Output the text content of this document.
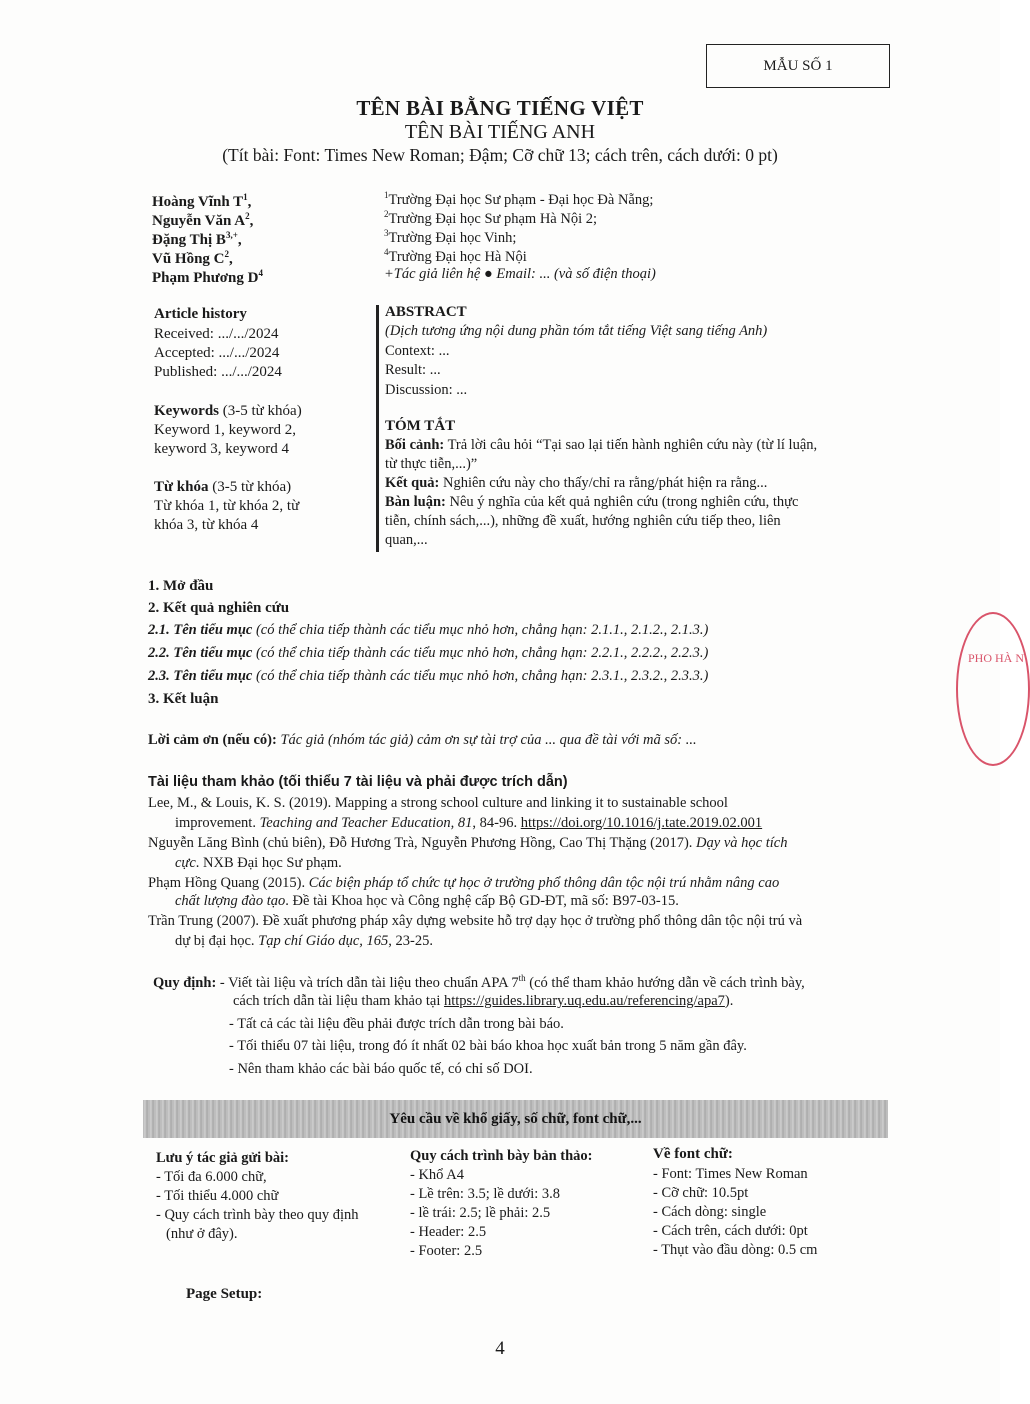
MẪU SỐ 1
TÊN BÀI BẰNG TIẾNG VIỆT
TÊN BÀI TIẾNG ANH
(Tít bài: Font: Times New Roman; Đậm; Cỡ chữ 13; cách trên, cách dưới: 0 pt)
Hoàng Vĩnh $T^1$,
Nguyễn Văn $A^2$,
Đặng Thị $B^{3,+}$,
Vũ Hồng $C^2$,
Phạm Phương $D^4$
$^1$Trường Đại học Sư phạm - Đại học Đà Nẵng;
$^2$Trường Đại học Sư phạm Hà Nội 2;
$^3$Trường Đại học Vinh;
$^4$Trường Đại học Hà Nội
+Tác giả liên hệ ● Email: ... (và số điện thoại)
Article history
Received: .../.../2024
Accepted: .../.../2024
Published: .../.../2024
Keywords (3-5 từ khóa)
Keyword 1, keyword 2,
keyword 3, keyword 4
Từ khóa (3-5 từ khóa)
Từ khóa 1, từ khóa 2, từ
khóa 3, từ khóa 4
ABSTRACT
(Dịch tương ứng nội dung phần tóm tắt tiếng Việt sang tiếng Anh)
Context: ...
Result: ...
Discussion: ...
TÓM TẮT
Bối cảnh: Trả lời câu hỏi “Tại sao lại tiến hành nghiên cứu này (từ lí luận,
từ thực tiễn,...)”
Kết quả: Nghiên cứu này cho thấy/chỉ ra rằng/phát hiện ra rằng...
Bàn luận: Nêu ý nghĩa của kết quả nghiên cứu (trong nghiên cứu, thực
tiễn, chính sách,...), những đề xuất, hướng nghiên cứu tiếp theo, liên
quan,...
1. Mở đầu
2. Kết quả nghiên cứu
2.1. Tên tiểu mục (có thể chia tiếp thành các tiểu mục nhỏ hơn, chẳng hạn: 2.1.1., 2.1.2., 2.1.3.)
2.2. Tên tiểu mục (có thể chia tiếp thành các tiểu mục nhỏ hơn, chẳng hạn: 2.2.1., 2.2.2., 2.2.3.)
2.3. Tên tiểu mục (có thể chia tiếp thành các tiểu mục nhỏ hơn, chẳng hạn: 2.3.1., 2.3.2., 2.3.3.)
3. Kết luận
Lời cảm ơn (nếu có): Tác giả (nhóm tác giả) cảm ơn sự tài trợ của ... qua đề tài với mã số: ...
Tài liệu tham khảo (tối thiểu 7 tài liệu và phải được trích dẫn)
Lee, M., & Louis, K. S. (2019). Mapping a strong school culture and linking it to sustainable school
improvement. Teaching and Teacher Education, 81, 84-96. https://doi.org/10.1016/j.tate.2019.02.001
Nguyễn Lăng Bình (chủ biên), Đỗ Hương Trà, Nguyễn Phương Hồng, Cao Thị Thặng (2017). Dạy và học tích
cực. NXB Đại học Sư phạm.
Phạm Hồng Quang (2015). Các biện pháp tổ chức tự học ở trường phổ thông dân tộc nội trú nhằm nâng cao
chất lượng đào tạo. Đề tài Khoa học và Công nghệ cấp Bộ GD-ĐT, mã số: B97-03-15.
Trần Trung (2007). Đề xuất phương pháp xây dựng website hỗ trợ dạy học ở trường phổ thông dân tộc nội trú và
dự bị đại học. Tạp chí Giáo dục, 165, 23-25.
Quy định: - Viết tài liệu và trích dẫn tài liệu theo chuẩn APA 7th (có thể tham khảo hướng dẫn về cách trình bày,
cách trích dẫn tài liệu tham khảo tại https://guides.library.uq.edu.au/referencing/apa7).
- Tất cả các tài liệu đều phải được trích dẫn trong bài báo.
- Tối thiểu 07 tài liệu, trong đó ít nhất 02 bài báo khoa học xuất bản trong 5 năm gần đây.
- Nên tham khảo các bài báo quốc tế, có chỉ số DOI.
Yêu cầu về khổ giấy, số chữ, font chữ,...
Lưu ý tác giả gửi bài:
- Tối đa 6.000 chữ,
- Tối thiểu 4.000 chữ
- Quy cách trình bày theo quy định
(như ở đây).
Quy cách trình bày bản thảo:
- Khổ A4
- Lề trên: 3.5; lề dưới: 3.8
- lề trái: 2.5; lề phải: 2.5
- Header: 2.5
- Footer: 2.5
Về font chữ:
- Font: Times New Roman
- Cỡ chữ: 10.5pt
- Cách dòng: single
- Cách trên, cách dưới: 0pt
- Thụt vào đầu dòng: 0.5 cm
Page Setup:
4
PHO HÀ N
